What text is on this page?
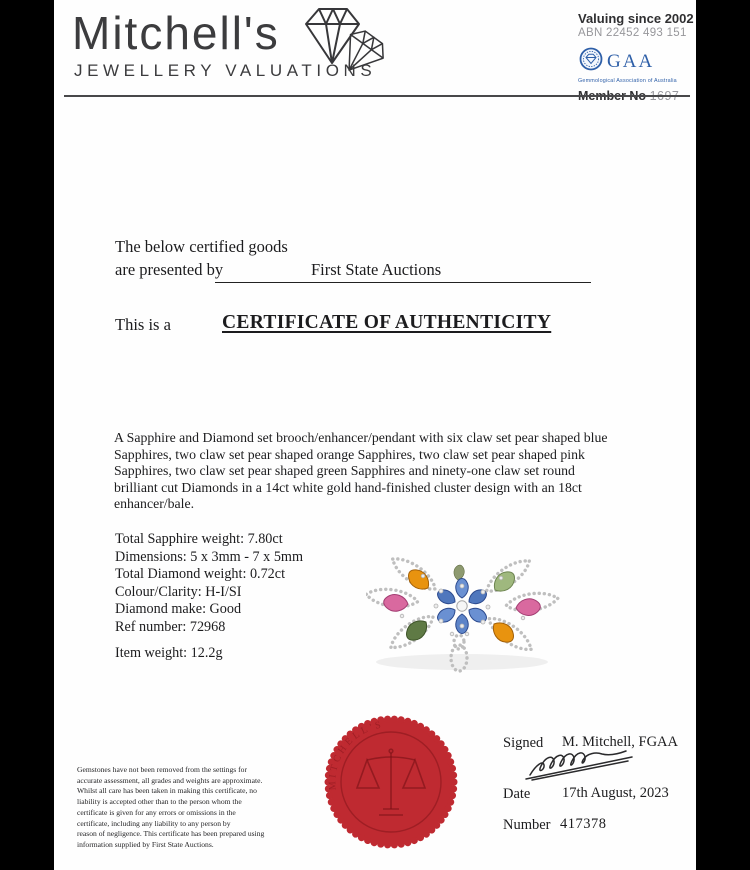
Mitchell's
JEWELLERY VALUATIONS
Valuing since 2002
ABN 22452 493 151
GAA
Gemmological Association of Australia
The below certified goods
are presented by	First State Auctions
This is a	CERTIFICATE OF AUTHENTICITY
A Sapphire and Diamond set brooch/enhancer/pendant with six claw set pear shaped blue
Sapphires, two claw set pear shaped orange Sapphires, two claw set pear shaped pink
Sapphires, two claw set pear shaped green Sapphires and ninety-one claw set round
brilliant cut Diamonds in a 14ct white gold hand-finished cluster design with an 18ct
enhancer/bale.
Total Sapphire weight: 7.80ct
Dimensions: 5 x 3mm - 7 x 5mm
Total Diamond weight: 0.72ct
Colour/Clarity: H-I/SI
Diamond make: Good
Ref number: 72968
Item weight: 12.2g
MITCHELL'S
Gemstones have not been removed from the settings for
accurate assessment, all grades and weights are approximate.
Whilst all care has been taken in making this certificate, no
liability is accepted other than to the person whom the
certificate is given for any errors or omissions in the
certificate, including any liability to any person by
reason of negligence. This certificate has been prepared using
information supplied by First State Auctions.
Signed M. Mitchell, FGAA
Date 17th August, 2023
Number 417378
